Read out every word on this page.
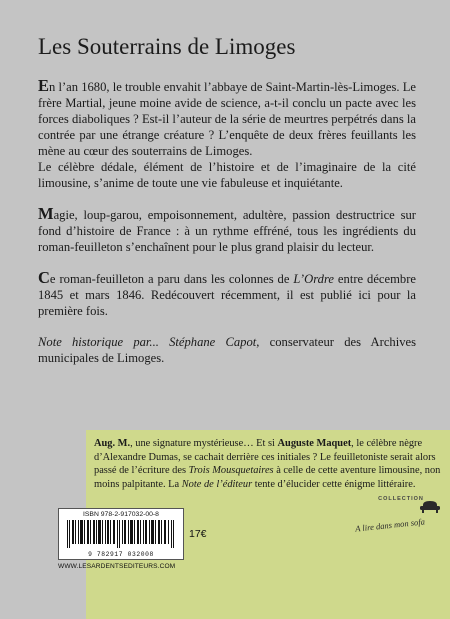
Les Souterrains de Limoges

En l’an 1680, le trouble envahit l’abbaye de Saint-Martin-lès-Limoges. Le frère Martial, jeune moine avide de science, a-t-il conclu un pacte avec les forces diaboliques ? Est-il l’auteur de la série de meurtres perpétrés dans la contrée par une étrange créature ? L’enquête de deux frères feuillants les mène au cœur des souterrains de Limoges.

Le célèbre dédale, élément de l’histoire et de l’imaginaire de la cité limousine, s’anime de toute une vie fabuleuse et inquiétante.

Magie, loup-garou, empoisonnement, adultère, passion destructrice sur fond d’histoire de France : à un rythme effréné, tous les ingrédients du roman-feuilleton s’enchaînent pour le plus grand plaisir du lecteur.

Ce roman-feuilleton a paru dans les colonnes de L’Ordre entre décembre 1845 et mars 1846. Redécouvert récemment, il est publié ici pour la première fois.

Note historique par... Stéphane Capot, conservateur des Archives municipales de Limoges.

Aug. M., une signature mystérieuse… Et si Auguste Maquet, le célèbre nègre d’Alexandre Dumas, se cachait derrière ces initiales ? Le feuilletoniste serait alors passé de l’écriture des Trois Mousquetaires à celle de cette aventure limousine, non moins palpitante. La Note de l’éditeur tente d’élucider cette énigme littéraire.
COLLECTION
A lire dans mon sofa
ISBN 978-2-917032-00-8
9 782917 032008
17€
WWW.LESARDENTSEDITEURS.COM
